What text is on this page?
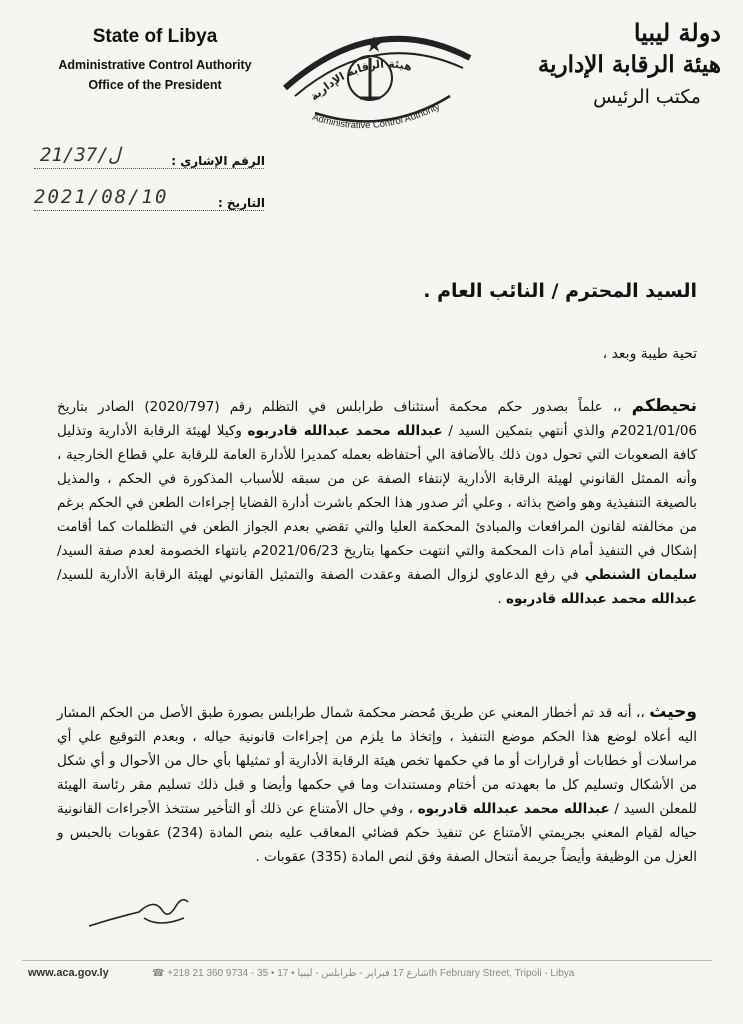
State of Libya
Administrative Control Authority
Office of the President
هيئة الرقابة الإدارية
Administrative Control Authority
دولة ليبيا
هيئة الرقابة الإدارية
مكتب الرئيس
الرقم الإشاري :
21/ل/37
التاريخ :
2021/08/10
السيد المحترم / النائب العام .
تحية طيبة وبعد ،
نحيطكم ،، علماً بصدور حكم محكمة أستئناف طرابلس في التظلم رقم (2020/797) الصادر بتاريخ 2021/01/06م والذي أنتهي بتمكين السيد / عبدالله محمد عبدالله قادربوه وكيلا لهيئة الرقابة الأدارية وتذليل كافة الصعوبات التي تحول دون ذلك بالأضافة الي أحتفاظه بعمله كمديرا للأدارة العامة للرقابة علي قطاع الخارجية ، وأنه الممثل القانوني لهيئة الرقابة الأدارية لإنتفاء الصفة عن من سبقه للأسباب المذكورة في الحكم ، والمذيل بالصيغة التنفيذية وهو واضح بذاته ، وعلي أثر صدور هذا الحكم باشرت أدارة القضايا إجراءات الطعن في الحكم برغم من مخالفته لقانون المرافعات والمبادئ المحكمة العليا والتي تقضي بعدم الجواز الطعن في التظلمات كما أقامت إشكال في التنفيذ أمام ذات المحكمة والتي انتهت حكمها بتاريخ 2021/06/23م بانتهاء الخصومة لعدم صفة السيد/ سليمان الشنطي في رفع الدعاوي لزوال الصفة وعقدت الصفة والتمثيل القانوني لهيئة الرقابة الأدارية للسيد/ عبدالله محمد عبدالله قادربوه .
وحيث ،، أنه قد تم أخطار المعني عن طريق مُحضر محكمة شمال طرابلس بصورة طبق الأصل من الحكم المشار اليه أعلاه لوضع هذا الحكم موضع التنفيذ ، وإتخاذ ما يلزم من إجراءات قانونية حياله ، وبعدم التوقيع علي أي مراسلات أو خطابات أو قرارات أو ما في حكمها تخص هيئة الرقابة الأدارية أو تمثيلها بأي حال من الأحوال و أي شكل من الأشكال وتسليم كل ما بعهدته من أختام ومستندات وما في حكمها وأيضا و قبل ذلك تسليم مقر رئاسة الهيئة للمعلن السيد / عبدالله محمد عبدالله قادربوه ، وفي حال الأمتناع عن ذلك أو التأخير ستتخذ الأجراءات القانونية حياله لقيام المعني بجريمتي الأمتناع عن تنفيذ حكم قضائي المعاقب عليه بنص المادة (234) عقوبات بالحبس و العزل من الوظيفة وأيضاً جريمة أنتحال الصفة وفق لنص المادة (335) عقوبات .
www.aca.gov.ly	☎ +218 21 360 9734 - 35 • شارع 17 فبراير - طرابلس - ليبيا • 17th February Street, Tripoli - Libya
